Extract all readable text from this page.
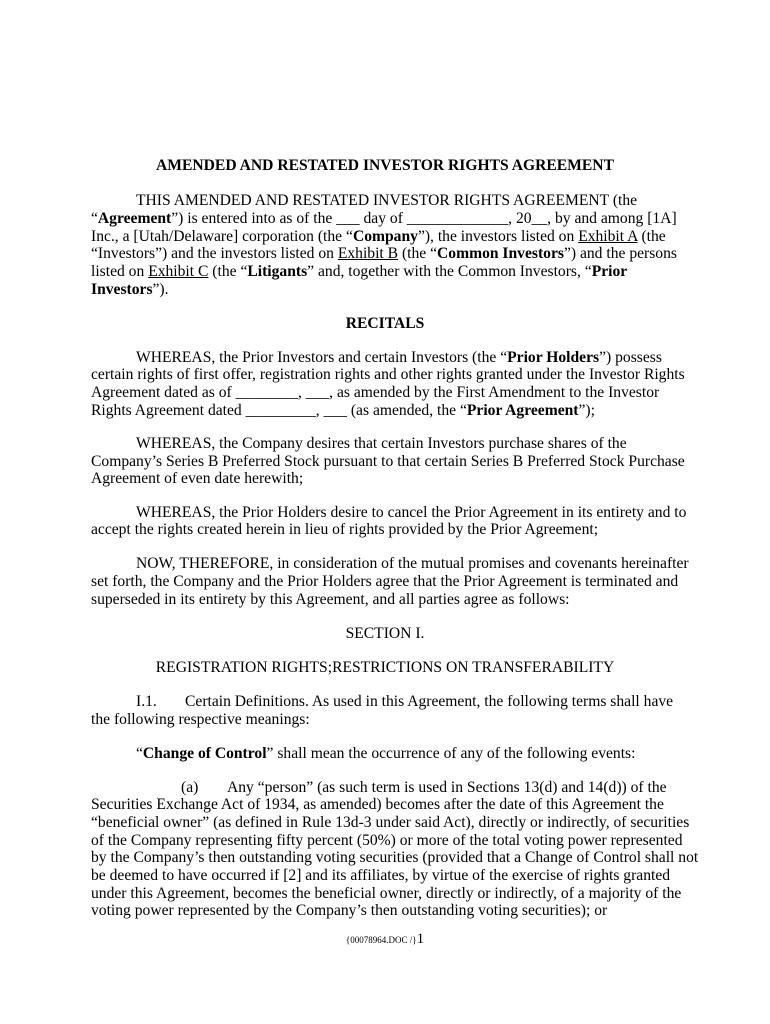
AMENDED AND RESTATED INVESTOR RIGHTS AGREEMENT

THIS AMENDED AND RESTATED INVESTOR RIGHTS AGREEMENT (the

“Agreement”) is entered into as of the ___ day of _____________, 20__, by and among [1A]

Inc., a [Utah/Delaware] corporation (the “Company”), the investors listed on Exhibit A (the

“Investors”) and the investors listed on Exhibit B (the “Common Investors”) and the persons

listed on Exhibit C (the “Litigants” and, together with the Common Investors, “Prior

Investors”).

RECITALS

WHEREAS, the Prior Investors and certain Investors (the “Prior Holders”) possess

certain rights of first offer, registration rights and other rights granted under the Investor Rights

Agreement dated as of ________, ___, as amended by the First Amendment to the Investor

Rights Agreement dated _________, ___ (as amended, the “Prior Agreement”);

WHEREAS, the Company desires that certain Investors purchase shares of the

Company’s Series B Preferred Stock pursuant to that certain Series B Preferred Stock Purchase

Agreement of even date herewith;

WHEREAS, the Prior Holders desire to cancel the Prior Agreement in its entirety and to

accept the rights created herein in lieu of rights provided by the Prior Agreement;

NOW, THEREFORE, in consideration of the mutual promises and covenants hereinafter

set forth, the Company and the Prior Holders agree that the Prior Agreement is terminated and

superseded in its entirety by this Agreement, and all parties agree as follows:

SECTION I.

REGISTRATION RIGHTS;RESTRICTIONS ON TRANSFERABILITY

I.1. Certain Definitions. As used in this Agreement, the following terms shall have

the following respective meanings:

“Change of Control” shall mean the occurrence of any of the following events:

(a) Any “person” (as such term is used in Sections 13(d) and 14(d)) of the

Securities Exchange Act of 1934, as amended) becomes after the date of this Agreement the

“beneficial owner” (as defined in Rule 13d-3 under said Act), directly or indirectly, of securities

of the Company representing fifty percent (50%) or more of the total voting power represented

by the Company’s then outstanding voting securities (provided that a Change of Control shall not

be deemed to have occurred if [2] and its affiliates, by virtue of the exercise of rights granted

under this Agreement, becomes the beneficial owner, directly or indirectly, of a majority of the

voting power represented by the Company’s then outstanding voting securities); or

{00078964.DOC /}1
